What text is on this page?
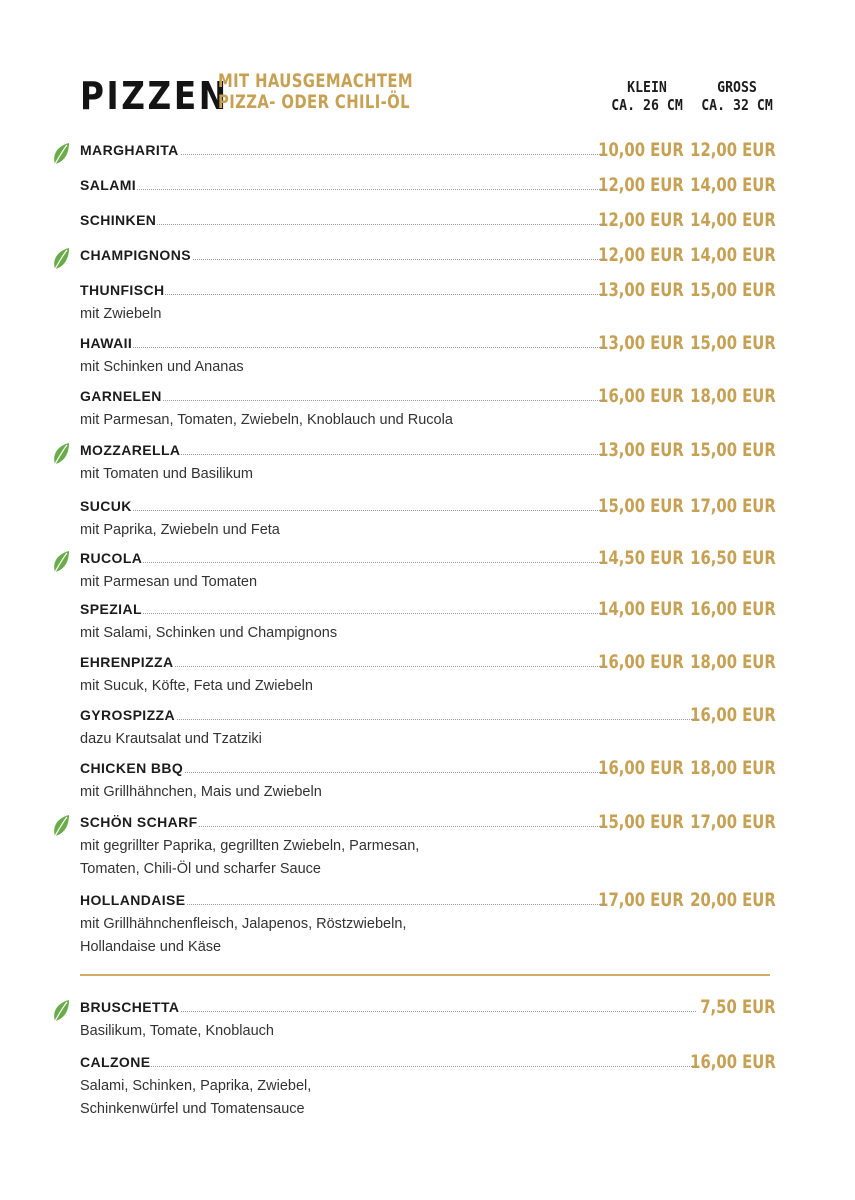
PIZZEN
MIT HAUSGEMACHTEM
PIZZA- ODER CHILI-ÖL
KLEIN
CA. 26 CM
GROSS
CA. 32 CM
MARGHARITA	10,00 EUR 12,00 EUR
SALAMI	12,00 EUR 14,00 EUR
SCHINKEN	12,00 EUR 14,00 EUR
CHAMPIGNONS	12,00 EUR 14,00 EUR
THUNFISCH	13,00 EUR 15,00 EUR
mit Zwiebeln
HAWAII	13,00 EUR 15,00 EUR
mit Schinken und Ananas
GARNELEN	16,00 EUR 18,00 EUR
mit Parmesan, Tomaten, Zwiebeln, Knoblauch und Rucola
MOZZARELLA	13,00 EUR 15,00 EUR
mit Tomaten und Basilikum
SUCUK	15,00 EUR 17,00 EUR
mit Paprika, Zwiebeln und Feta
RUCOLA	14,50 EUR 16,50 EUR
mit Parmesan und Tomaten
SPEZIAL	14,00 EUR 16,00 EUR
mit Salami, Schinken und Champignons
EHRENPIZZA	16,00 EUR 18,00 EUR
mit Sucuk, Köfte, Feta und Zwiebeln
GYROSPIZZA	16,00 EUR
dazu Krautsalat und Tzatziki
CHICKEN BBQ	16,00 EUR 18,00 EUR
mit Grillhähnchen, Mais und Zwiebeln
SCHÖN SCHARF	15,00 EUR 17,00 EUR
mit gegrillter Paprika, gegrillten Zwiebeln, Parmesan,
Tomaten, Chili-Öl und scharfer Sauce
HOLLANDAISE	17,00 EUR 20,00 EUR
mit Grillhähnchenfleisch, Jalapenos, Röstzwiebeln,
Hollandaise und Käse
BRUSCHETTA	7,50 EUR
Basilikum, Tomate, Knoblauch
CALZONE	16,00 EUR
Salami, Schinken, Paprika, Zwiebel,
Schinkenwürfel und Tomatensauce
